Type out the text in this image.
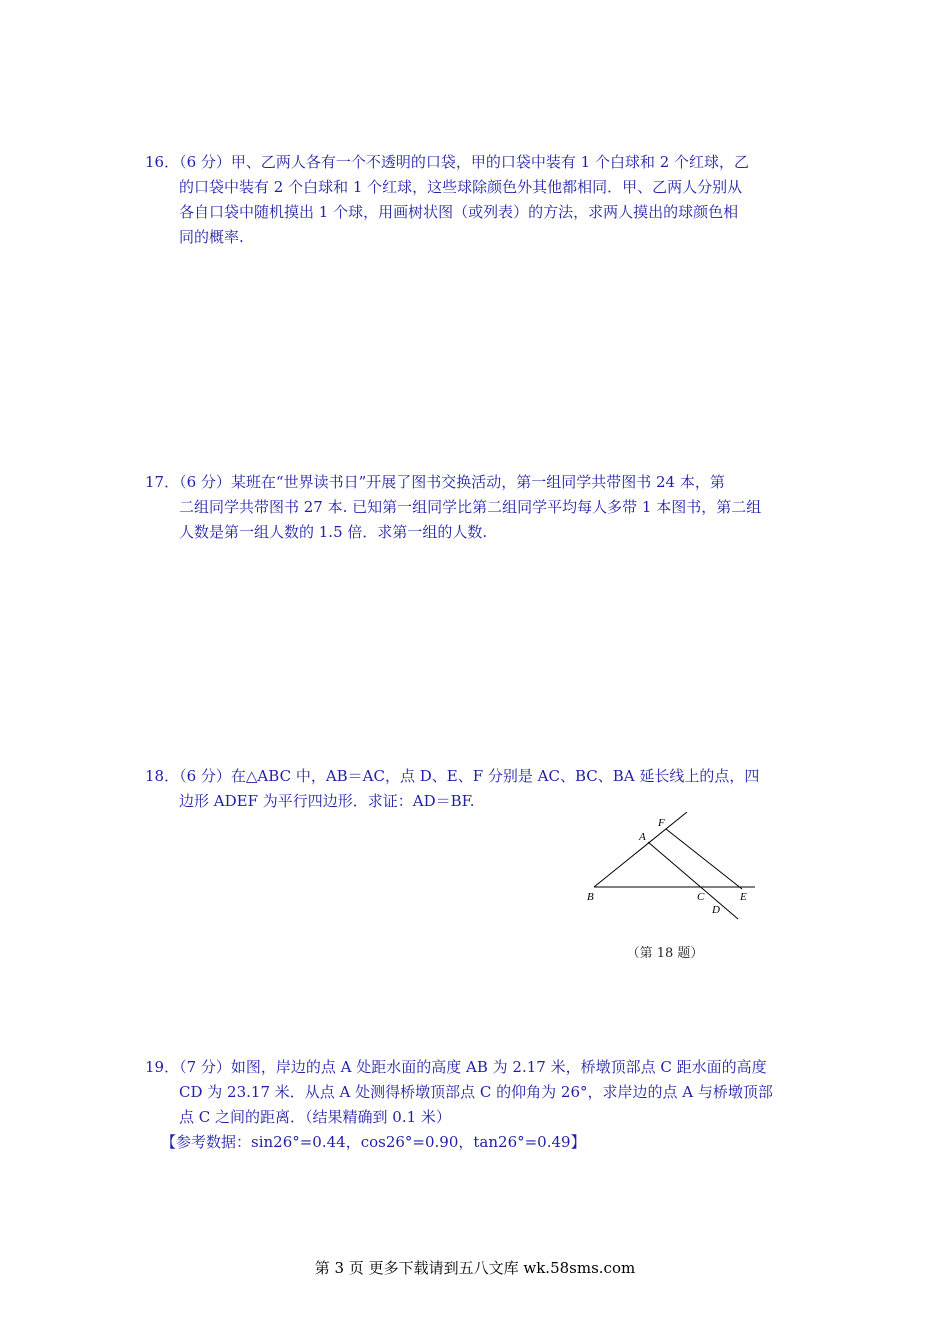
16．（6 分）甲、乙两人各有一个不透明的口袋，甲的口袋中装有 1 个白球和 2 个红球，乙

的口袋中装有 2 个白球和 1 个红球，这些球除颜色外其他都相同．甲、乙两人分别从

各自口袋中随机摸出 1 个球，用画树状图（或列表）的方法，求两人摸出的球颜色相

同的概率.

17．（6 分）某班在“世界读书日”开展了图书交换活动，第一组同学共带图书 24 本，第

二组同学共带图书 27 本. 已知第一组同学比第二组同学平均每人多带 1 本图书，第二组

人数是第一组人数的 1.5 倍．求第一组的人数.

18．（6 分）在△ABC 中，AB＝AC，点 D、E、F 分别是 AC、BC、BA 延长线上的点，四

边形 ADEF 为平行四边形．求证：AD＝BF.

F
A
B	C	E
D
（第 18 题）

19．（7 分）如图，岸边的点 A 处距水面的高度 AB 为 2.17 米，桥墩顶部点 C 距水面的高度

CD 为 23.17 米．从点 A 处测得桥墩顶部点 C 的仰角为 26°，求岸边的点 A 与桥墩顶部

点 C 之间的距离．（结果精确到 0.1 米）

【参考数据：sin26°=0.44，cos26°=0.90，tan26°=0.49】

第 3 页 更多下载请到五八文库 wk.58sms.com
